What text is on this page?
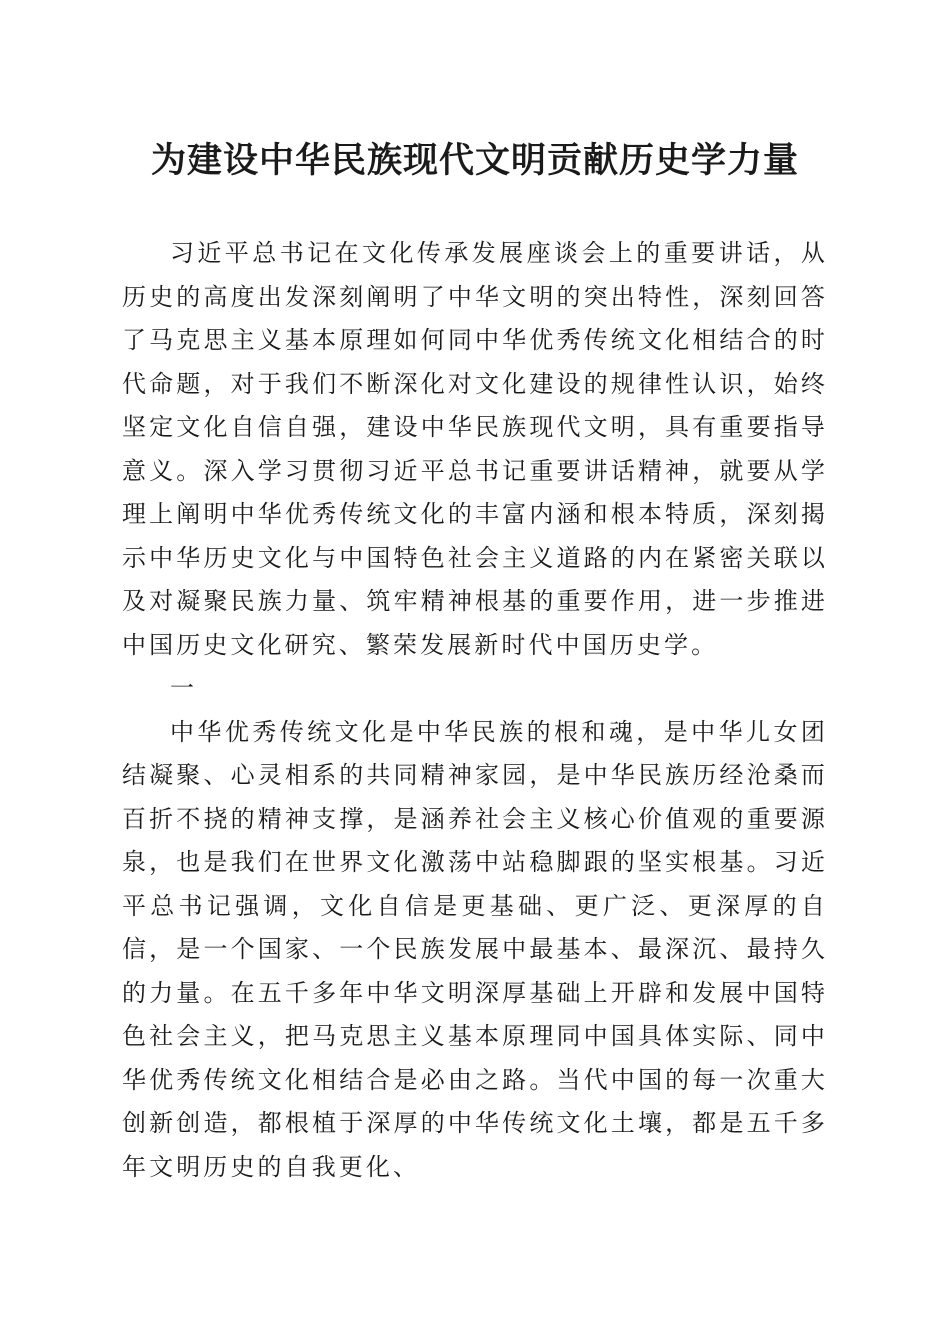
为建设中华民族现代文明贡献历史学力量

习近平总书记在文化传承发展座谈会上的重要讲话，从历史的高度出发深刻阐明了中华文明的突出特性，深刻回答了马克思主义基本原理如何同中华优秀传统文化相结合的时代命题，对于我们不断深化对文化建设的规律性认识，始终坚定文化自信自强，建设中华民族现代文明，具有重要指导意义。深入学习贯彻习近平总书记重要讲话精神，就要从学理上阐明中华优秀传统文化的丰富内涵和根本特质，深刻揭示中华历史文化与中国特色社会主义道路的内在紧密关联以及对凝聚民族力量、筑牢精神根基的重要作用，进一步推进中国历史文化研究、繁荣发展新时代中国历史学。

一

中华优秀传统文化是中华民族的根和魂，是中华儿女团结凝聚、心灵相系的共同精神家园，是中华民族历经沧桑而百折不挠的精神支撑，是涵养社会主义核心价值观的重要源泉，也是我们在世界文化激荡中站稳脚跟的坚实根基。习近平总书记强调，文化自信是更基础、更广泛、更深厚的自信，是一个国家、一个民族发展中最基本、最深沉、最持久的力量。在五千多年中华文明深厚基础上开辟和发展中国特色社会主义，把马克思主义基本原理同中国具体实际、同中华优秀传统文化相结合是必由之路。当代中国的每一次重大创新创造，都根植于深厚的中华传统文化土壤，都是五千多年文明历史的自我更化、
